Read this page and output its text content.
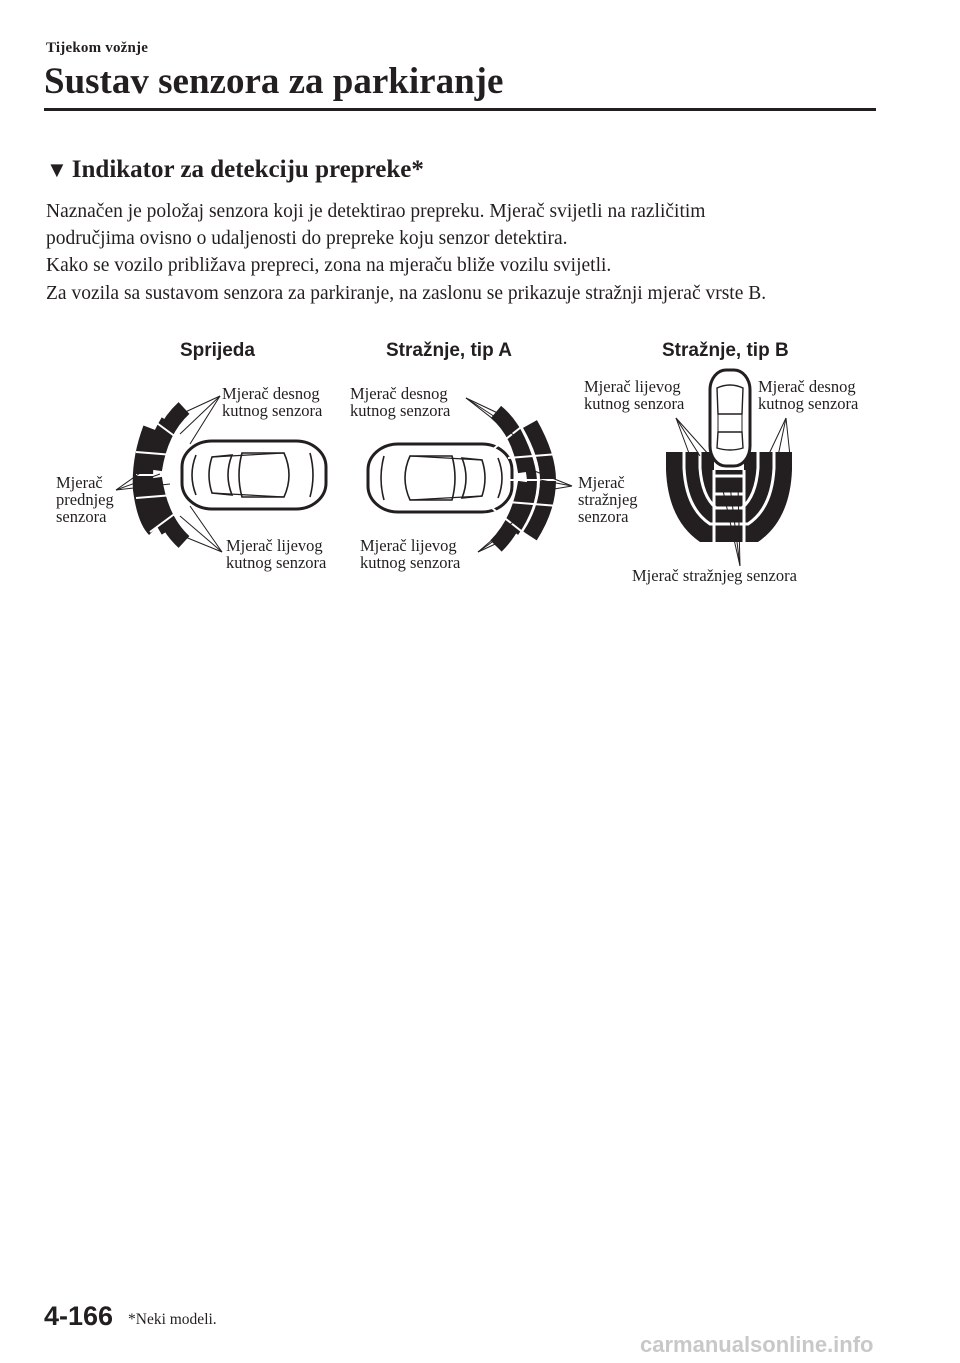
Tijekom vožnje
Sustav senzora za parkiranje
▼ Indikator za detekciju prepreke*

Naznačen je položaj senzora koji je detektirao prepreku. Mjerač svijetli na različitim

područjima ovisno o udaljenosti do prepreke koju senzor detektira.

Kako se vozilo približava prepreci, zona na mjeraču bliže vozilu svijetli.

Za vozila sa sustavom senzora za parkiranje, na zaslonu se prikazuje stražnji mjerač vrste B.

Sprijeda	Stražnje, tip A	Stražnje, tip B
Mjerač desnog
kutnog senzora
Mjerač
prednjeg
senzora
Mjerač lijevog
kutnog senzora
Mjerač desnog
kutnog senzora
Mjerač
stražnjeg
senzora
Mjerač lijevog
kutnog senzora
Mjerač lijevog
kutnog senzora
Mjerač desnog
kutnog senzora
Mjerač stražnjeg senzora
4-166 *Neki modeli.
carmanualsonline.info
